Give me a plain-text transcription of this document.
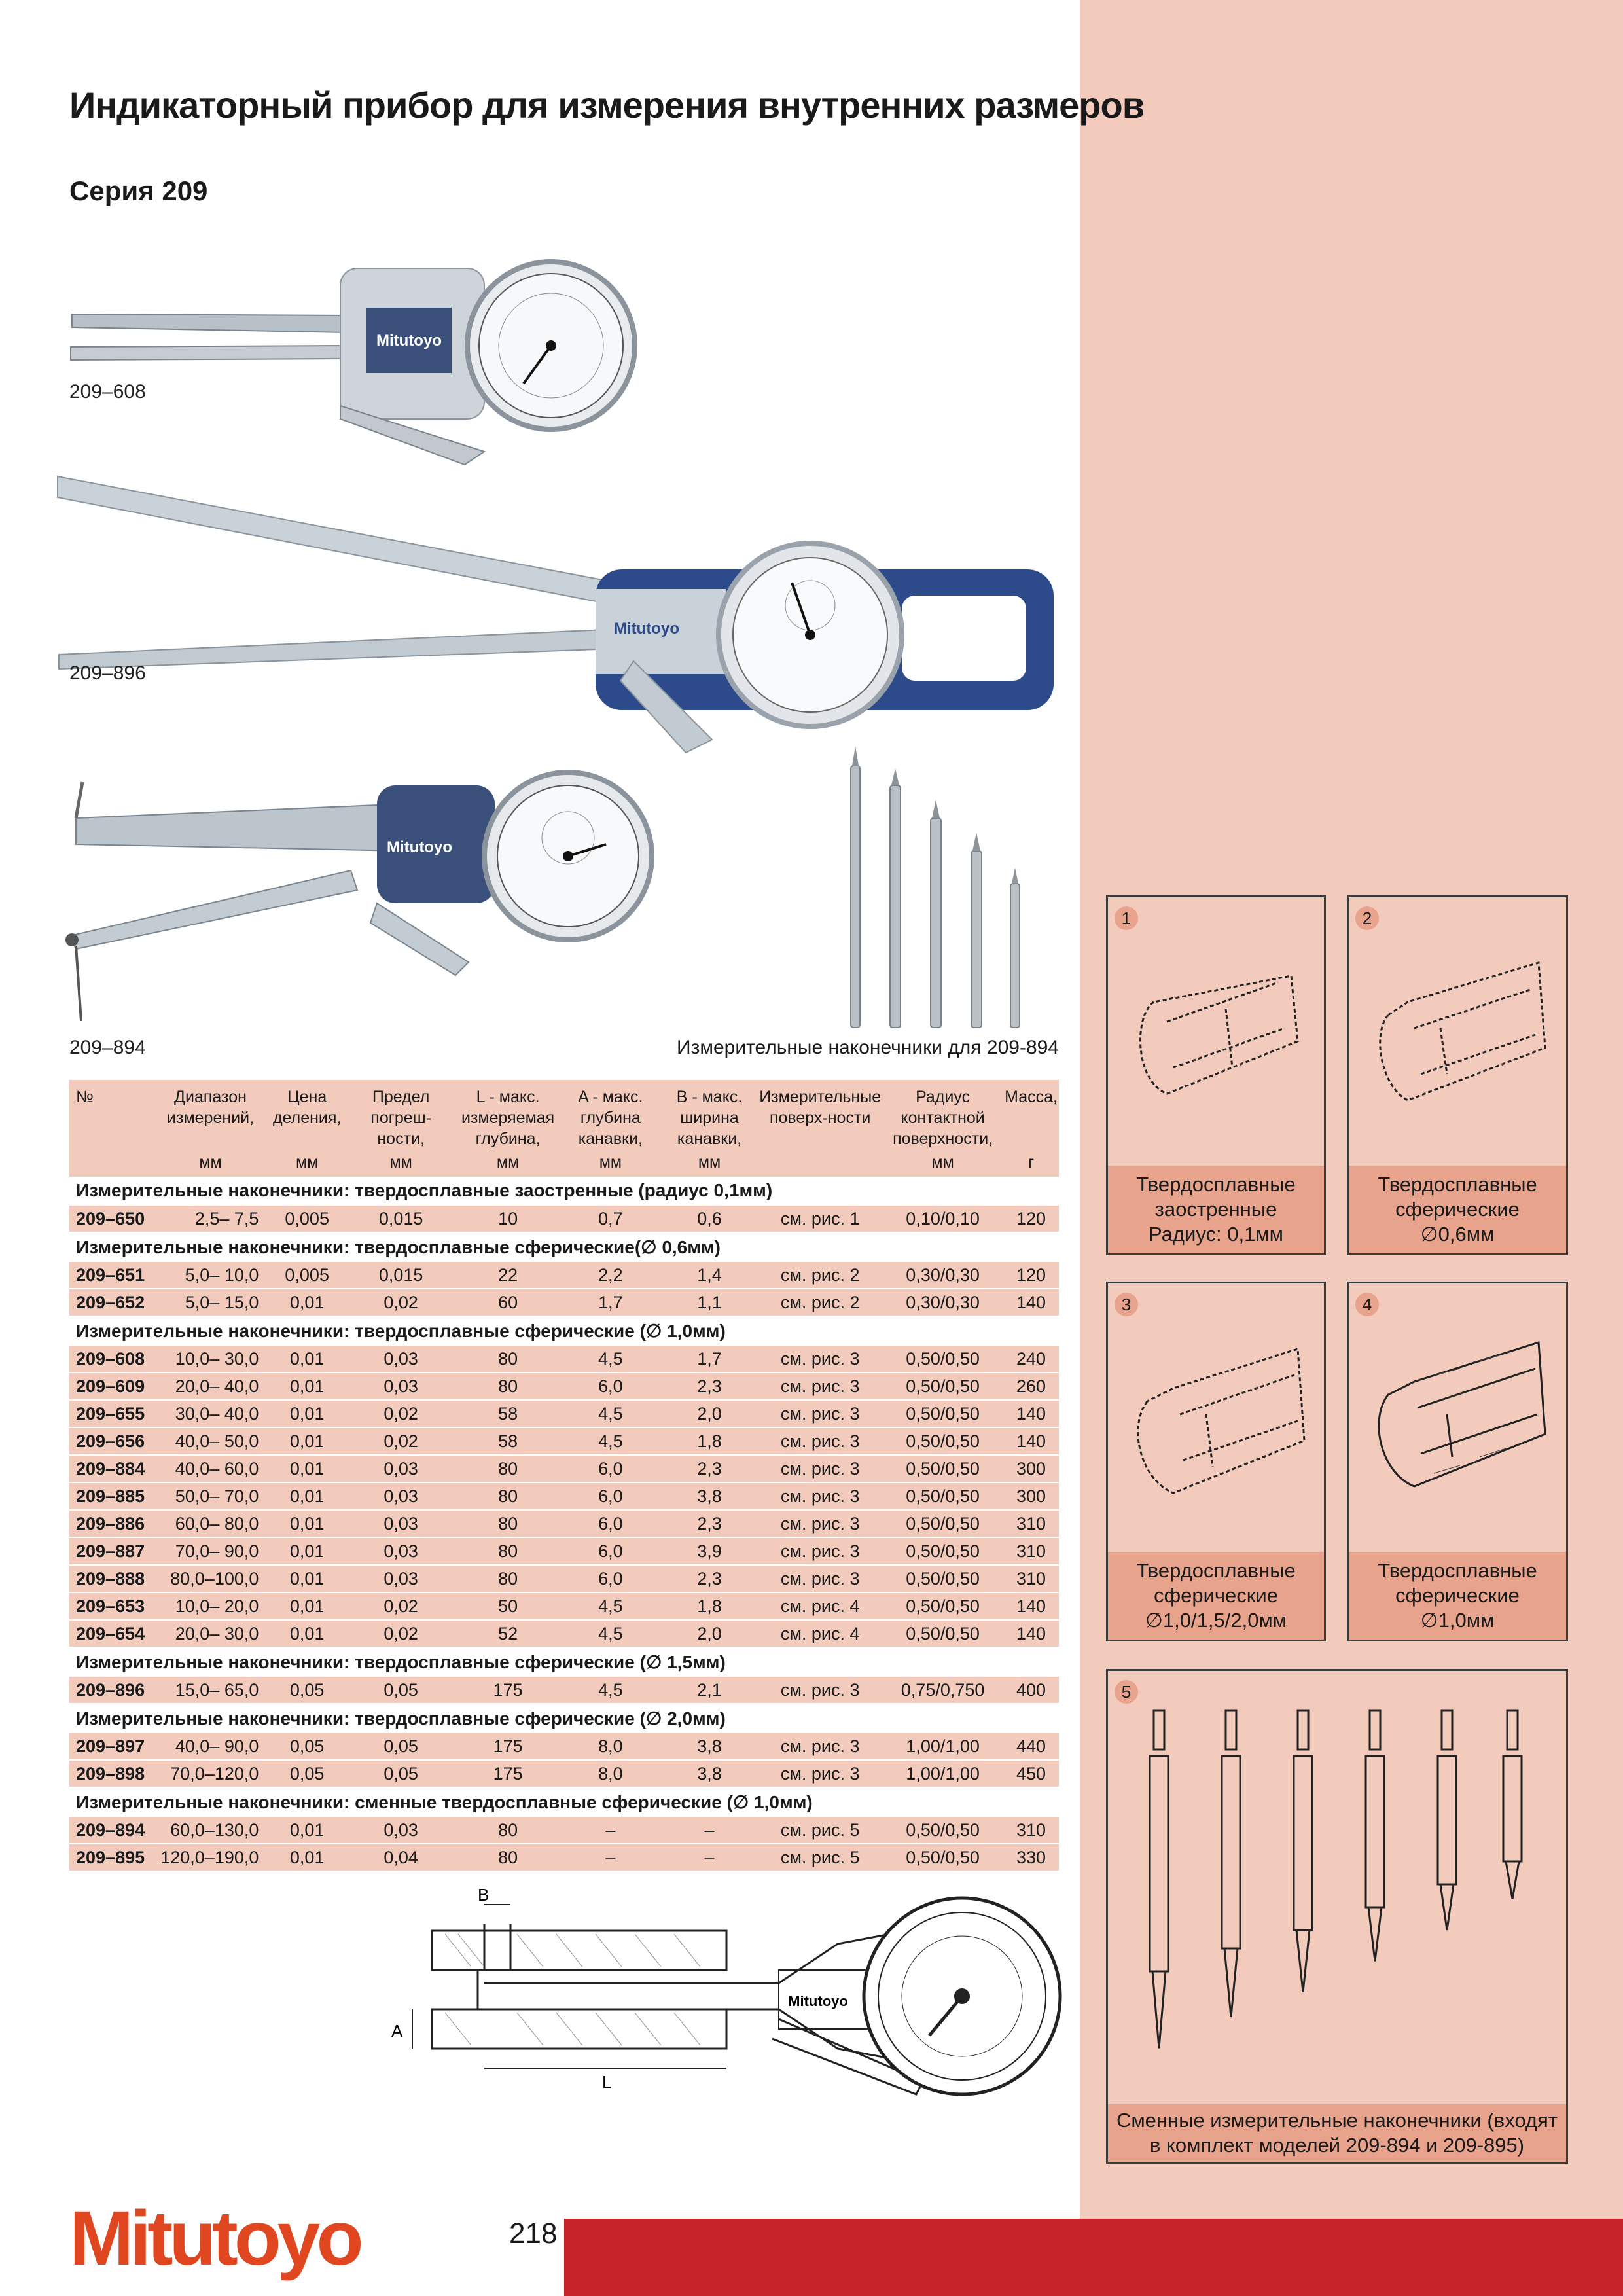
Индикаторный прибор для измерения внутренних размеров
Серия 209
Mitutoyo
209–608
Mitutoyo
209–896
Mitutoyo
209–894	Измерительные наконечники для 209-894
№	Диапазон измерений,	Цена деления,	Предел погреш-ности,	L - макс. измеряемая глубина,	A - макс. глубина канавки,	B - макс. ширина канавки,	Измерительные поверх-ности	Радиус контактной поверхности,	Масса,
	мм	мм	мм	мм	мм	мм		мм	г
Измерительные наконечники: твердосплавные заостренные (радиус 0,1мм)									
209–650	2,5– 7,5	0,005	0,015	10	0,7	0,6	см. рис. 1	0,10/0,10	120
Измерительные наконечники: твердосплавные сферические(∅ 0,6мм)									
209–651	5,0– 10,0	0,005	0,015	22	2,2	1,4	см. рис. 2	0,30/0,30	120
209–652	5,0– 15,0	0,01	0,02	60	1,7	1,1	см. рис. 2	0,30/0,30	140
Измерительные наконечники: твердосплавные сферические (∅ 1,0мм)									
209–608	10,0– 30,0	0,01	0,03	80	4,5	1,7	см. рис. 3	0,50/0,50	240
209–609	20,0– 40,0	0,01	0,03	80	6,0	2,3	см. рис. 3	0,50/0,50	260
209–655	30,0– 40,0	0,01	0,02	58	4,5	2,0	см. рис. 3	0,50/0,50	140
209–656	40,0– 50,0	0,01	0,02	58	4,5	1,8	см. рис. 3	0,50/0,50	140
209–884	40,0– 60,0	0,01	0,03	80	6,0	2,3	см. рис. 3	0,50/0,50	300
209–885	50,0– 70,0	0,01	0,03	80	6,0	3,8	см. рис. 3	0,50/0,50	300
209–886	60,0– 80,0	0,01	0,03	80	6,0	2,3	см. рис. 3	0,50/0,50	310
209–887	70,0– 90,0	0,01	0,03	80	6,0	3,9	см. рис. 3	0,50/0,50	310
209–888	80,0–100,0	0,01	0,03	80	6,0	2,3	см. рис. 3	0,50/0,50	310
209–653	10,0– 20,0	0,01	0,02	50	4,5	1,8	см. рис. 4	0,50/0,50	140
209–654	20,0– 30,0	0,01	0,02	52	4,5	2,0	см. рис. 4	0,50/0,50	140
Измерительные наконечники: твердосплавные сферические (∅ 1,5мм)									
209–896	15,0– 65,0	0,05	0,05	175	4,5	2,1	см. рис. 3	0,75/0,750	400
Измерительные наконечники: твердосплавные сферические (∅ 2,0мм)									
209–897	40,0– 90,0	0,05	0,05	175	8,0	3,8	см. рис. 3	1,00/1,00	440
209–898	70,0–120,0	0,05	0,05	175	8,0	3,8	см. рис. 3	1,00/1,00	450
Измерительные наконечники: сменные твердосплавные сферические (∅ 1,0мм)									
209–894	60,0–130,0	0,01	0,03	80	–	–	см. рис. 5	0,50/0,50	310
209–895	120,0–190,0	0,01	0,04	80	–	–	см. рис. 5	0,50/0,50	330
B
A
L
Mitutoyo
1
Твердосплавные
заостренные
Радиус: 0,1мм
2
Твердосплавные
сферические
∅0,6мм
3
Твердосплавные
сферические
∅1,0/1,5/2,0мм
4
Твердосплавные
сферические
∅1,0мм
5
Сменные измерительные наконечники (входят
в комплект моделей 209-894 и 209-895)
Mitutoyo	218
